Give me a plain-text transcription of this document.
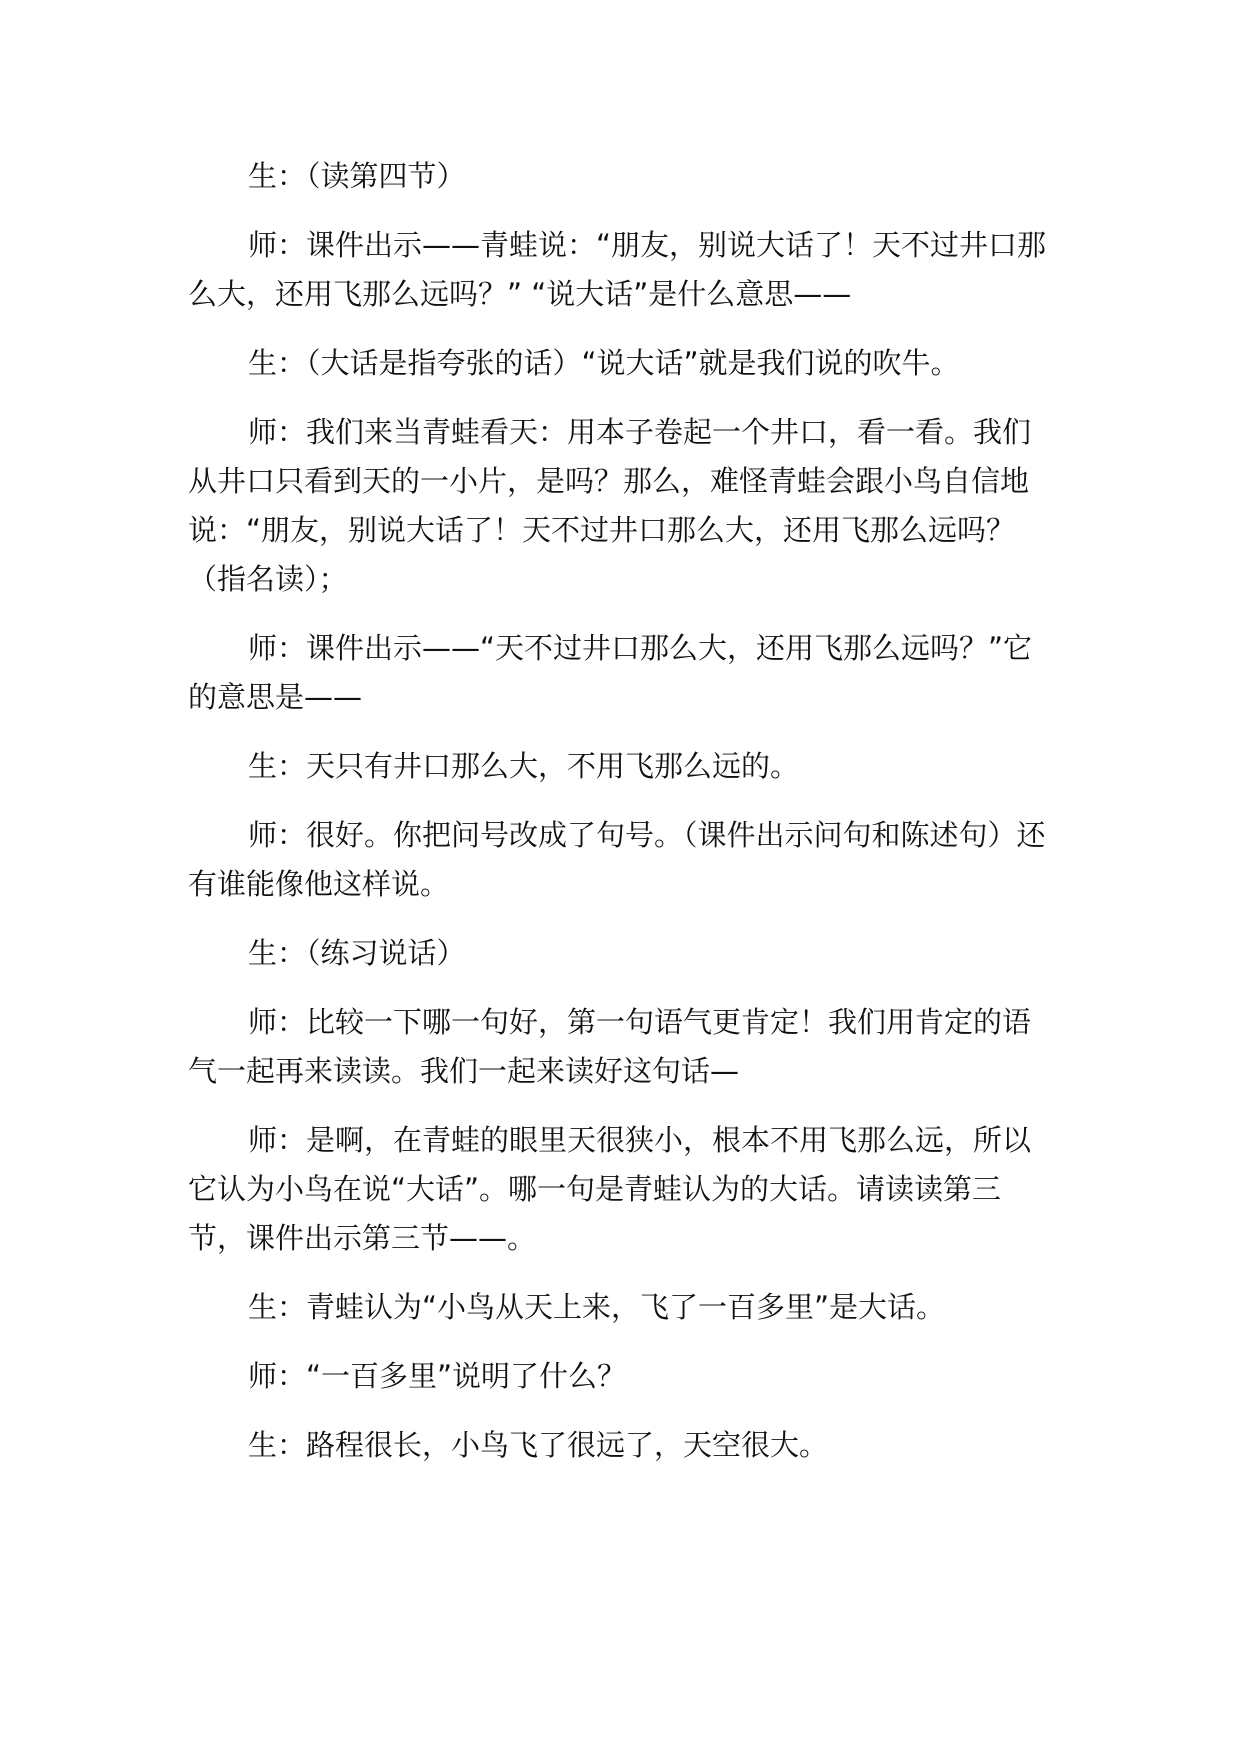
生：（读第四节）

师：课件出示——青蛙说：“朋友，别说大话了！天不过井口那么大，还用飞那么远吗？” “说大话”是什么意思——

生：（大话是指夸张的话）“说大话”就是我们说的吹牛。

师：我们来当青蛙看天：用本子卷起一个井口，看一看。我们从井口只看到天的一小片，是吗？那么，难怪青蛙会跟小鸟自信地说：“朋友，别说大话了！天不过井口那么大，还用飞那么远吗？（指名读）；

师：课件出示——“天不过井口那么大，还用飞那么远吗？”它的意思是——

生：天只有井口那么大，不用飞那么远的。

师：很好。你把问号改成了句号。（课件出示问句和陈述句）还有谁能像他这样说。

生：（练习说话）

师：比较一下哪一句好，第一句语气更肯定！我们用肯定的语气一起再来读读。我们一起来读好这句话—

师：是啊，在青蛙的眼里天很狭小，根本不用飞那么远，所以它认为小鸟在说“大话”。哪一句是青蛙认为的大话。请读读第三节，课件出示第三节——。

生：青蛙认为“小鸟从天上来，飞了一百多里”是大话。

师：“一百多里”说明了什么？

生：路程很长，小鸟飞了很远了，天空很大。
